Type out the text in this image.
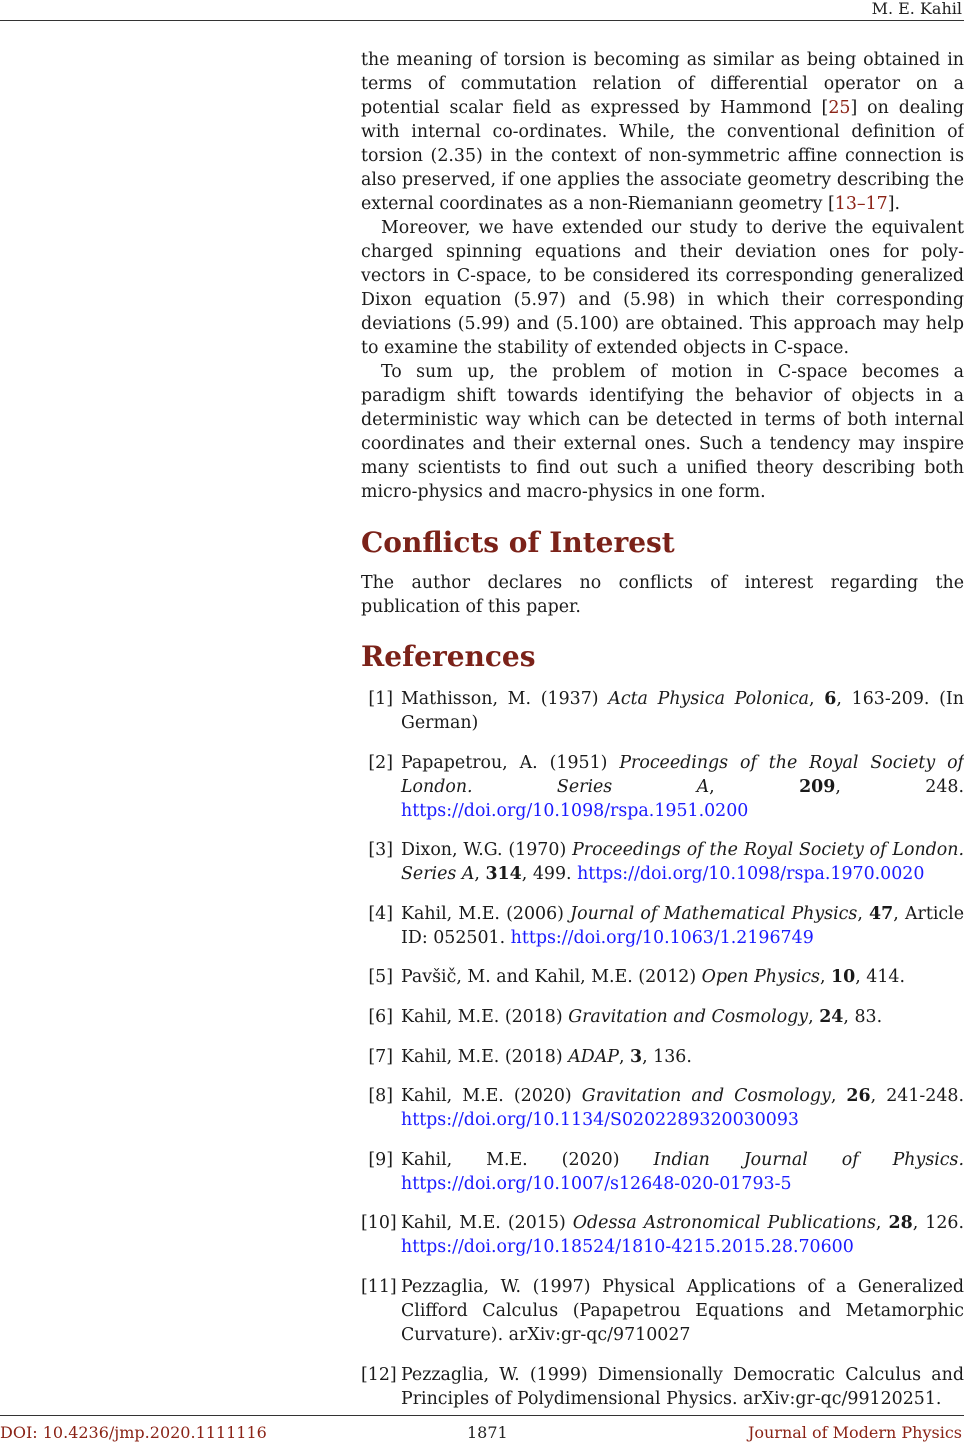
M. E. Kahil

the meaning of torsion is becoming as similar as being obtained in terms of commutation relation of differential operator on a potential scalar field as expressed by Hammond [25] on dealing with internal co-ordinates. While, the conventional definition of torsion (2.35) in the context of non-symmetric affine connection is also preserved, if one applies the associate geometry describing the external coordinates as a non-Riemaniann geometry [13–17].

Moreover, we have extended our study to derive the equivalent charged spinning equations and their deviation ones for poly-vectors in C-space, to be considered its corresponding generalized Dixon equation (5.97) and (5.98) in which their corresponding deviations (5.99) and (5.100) are obtained. This approach may help to examine the stability of extended objects in C-space.

To sum up, the problem of motion in C-space becomes a paradigm shift towards identifying the behavior of objects in a deterministic way which can be detected in terms of both internal coordinates and their external ones. Such a tendency may inspire many scientists to find out such a unified theory describing both micro-physics and macro-physics in one form.

Conflicts of Interest

The author declares no conflicts of interest regarding the publication of this paper.

References
[1] Mathisson, M. (1937) Acta Physica Polonica, 6, 163-209. (In German)
[2] Papapetrou, A. (1951) Proceedings of the Royal Society of London. Series A, 209, 248. https://doi.org/10.1098/rspa.1951.0200
[3] Dixon, W.G. (1970) Proceedings of the Royal Society of London. Series A, 314, 499. https://doi.org/10.1098/rspa.1970.0020
[4] Kahil, M.E. (2006) Journal of Mathematical Physics, 47, Article ID: 052501. https://doi.org/10.1063/1.2196749
[5] Pavšič, M. and Kahil, M.E. (2012) Open Physics, 10, 414.
[6] Kahil, M.E. (2018) Gravitation and Cosmology, 24, 83.
[7] Kahil, M.E. (2018) ADAP, 3, 136.
[8] Kahil, M.E. (2020) Gravitation and Cosmology, 26, 241-248. https://doi.org/10.1134/S0202289320030093
[9] Kahil, M.E. (2020) Indian Journal of Physics. https://doi.org/10.1007/s12648-020-01793-5
[10] Kahil, M.E. (2015) Odessa Astronomical Publications, 28, 126. https://doi.org/10.18524/1810-4215.2015.28.70600
[11] Pezzaglia, W. (1997) Physical Applications of a Generalized Clifford Calculus (Papapetrou Equations and Metamorphic Curvature). arXiv:gr-qc/9710027
[12] Pezzaglia, W. (1999) Dimensionally Democratic Calculus and Principles of Polydimensional Physics. arXiv:gr-qc/99120251.
DOI: 10.4236/jmp.2020.1111116	1871	Journal of Modern Physics
